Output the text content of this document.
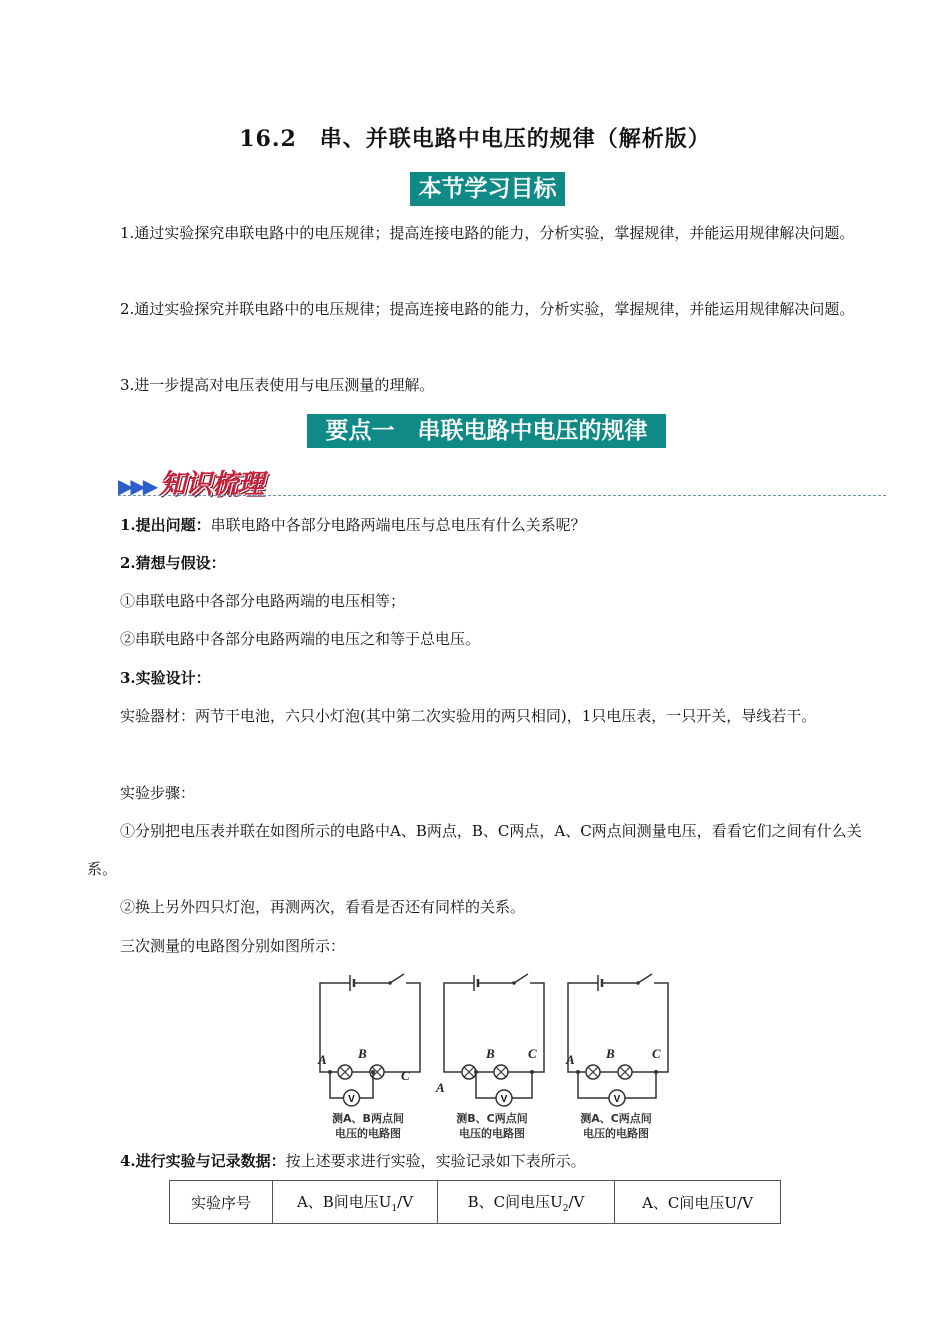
16.2　串、并联电路中电压的规律（解析版）
本节学习目标
1.通过实验探究串联电路中的电压规律；提高连接电路的能力，分析实验，掌握规律，并能运用规律解决问题。
2.通过实验探究并联电路中的电压规律；提高连接电路的能力，分析实验，掌握规律，并能运用规律解决问题。
3.进一步提高对电压表使用与电压测量的理解。
要点一　串联电路中电压的规律
▶▶▶ 知识梳理
1.提出问题：串联电路中各部分电路两端电压与总电压有什么关系呢？
2.猜想与假设：
①串联电路中各部分电路两端的电压相等；
②串联电路中各部分电路两端的电压之和等于总电压。
3.实验设计：
实验器材：两节干电池，六只小灯泡(其中第二次实验用的两只相同)，1只电压表，一只开关，导线若干。
实验步骤：
①分别把电压表并联在如图所示的电路中A、B两点，B、C两点，A、C两点间测量电压，看看它们之间有什么关系。
②换上另外四只灯泡，再测两次，看看是否还有同样的关系。
三次测量的电路图分别如图所示：
V
A B
C
测A、B两点间
电压的电路图
V
A
B	C
测B、C两点间
电压的电路图
V
A B	C
测A、C两点间
电压的电路图
4.进行实验与记录数据：按上述要求进行实验，实验记录如下表所示。
实验序号	A、B间电压$U_1/V$	B、C间电压$U_2/V$	A、C间电压U/V
